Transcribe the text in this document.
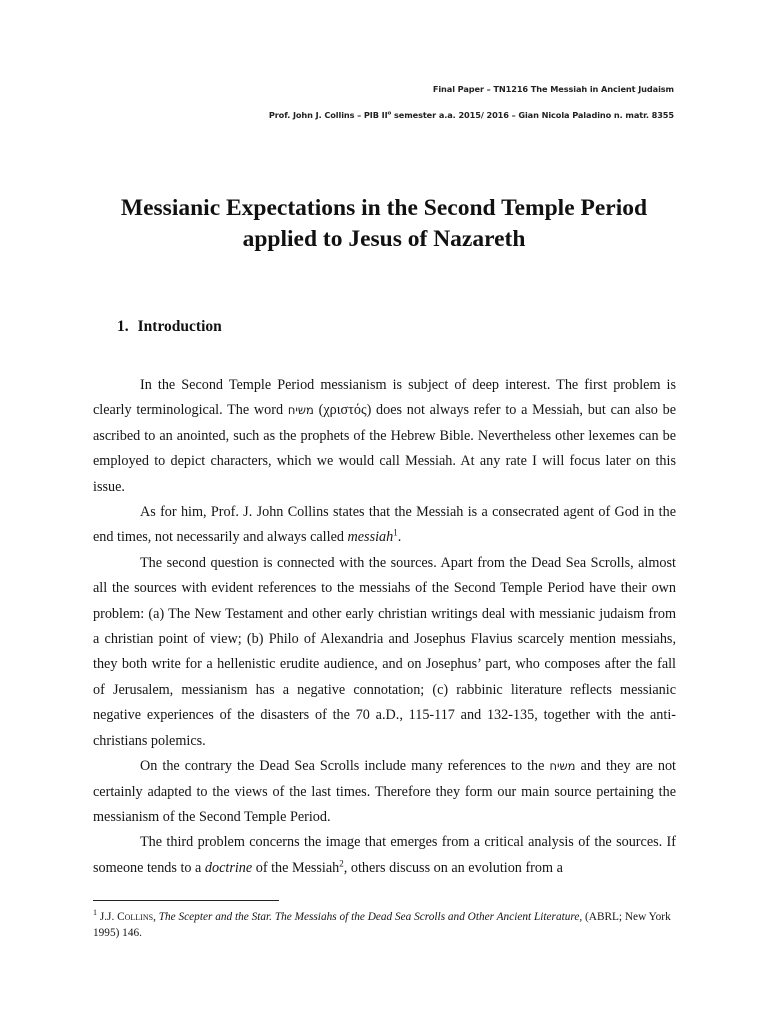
Final Paper – TN1216 The Messiah in Ancient Judaism
Prof. John J. Collins – PIB $II^o$ semester a.a. 2015/ 2016 – Gian Nicola Paladino n. matr. 8355
Messianic Expectations in the Second Temple Period
applied to Jesus of Nazareth
1. Introduction

In the Second Temple Period messianism is subject of deep interest. The first problem is clearly terminological. The word משיח (χριστός) does not always refer to a Messiah, but can also be ascribed to an anointed, such as the prophets of the Hebrew Bible. Nevertheless other lexemes can be employed to depict characters, which we would call Messiah. At any rate I will focus later on this issue.

As for him, Prof. J. John Collins states that the Messiah is a consecrated agent of God in the end times, not necessarily and always called messiah$^1$.

The second question is connected with the sources. Apart from the Dead Sea Scrolls, almost all the sources with evident references to the messiahs of the Second Temple Period have their own problem: (a) The New Testament and other early christian writings deal with messianic judaism from a christian point of view; (b) Philo of Alexandria and Josephus Flavius scarcely mention messiahs, they both write for a hellenistic erudite audience, and on Josephus’ part, who composes after the fall of Jerusalem, messianism has a negative connotation; (c) rabbinic literature reflects messianic negative experiences of the disasters of the 70 a.D., 115-117 and 132-135, together with the anti-christians polemics.

On the contrary the Dead Sea Scrolls include many references to the משיח and they are not certainly adapted to the views of the last times. Therefore they form our main source pertaining the messianism of the Second Temple Period.

The third problem concerns the image that emerges from a critical analysis of the sources. If someone tends to a doctrine of the Messiah$^2$, others discuss on an evolution from a

$^1$ J.J. Collins, The Scepter and the Star. The Messiahs of the Dead Sea Scrolls and Other Ancient Literature, (ABRL; New York 1995) 146.
